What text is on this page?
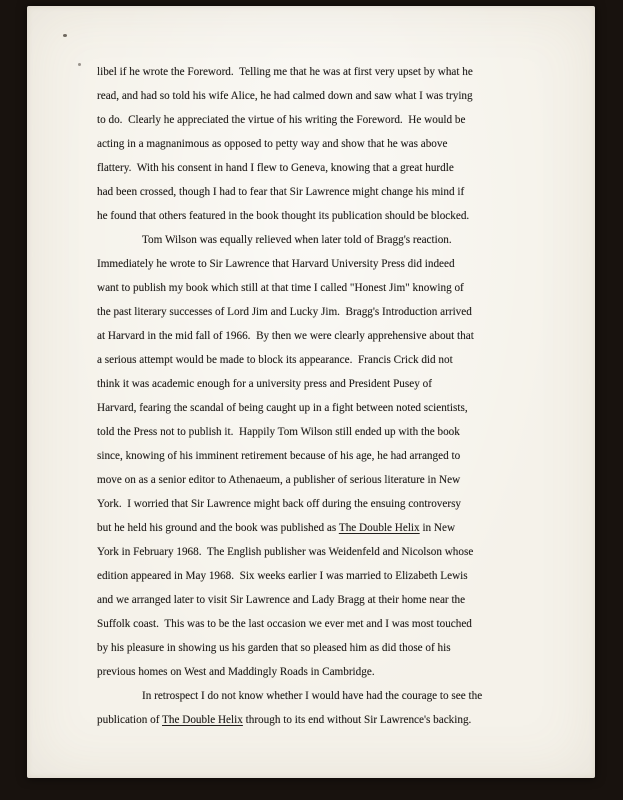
libel if he wrote the Foreword.  Telling me that he was at first very upset by what he
read, and had so told his wife Alice, he had calmed down and saw what I was trying
to do.  Clearly he appreciated the virtue of his writing the Foreword.  He would be
acting in a magnanimous as opposed to petty way and show that he was above
flattery.  With his consent in hand I flew to Geneva, knowing that a great hurdle
had been crossed, though I had to fear that Sir Lawrence might change his mind if
he found that others featured in the book thought its publication should be blocked.
Tom Wilson was equally relieved when later told of Bragg's reaction.
Immediately he wrote to Sir Lawrence that Harvard University Press did indeed
want to publish my book which still at that time I called "Honest Jim" knowing of
the past literary successes of Lord Jim and Lucky Jim.  Bragg's Introduction arrived
at Harvard in the mid fall of 1966.  By then we were clearly apprehensive about that
a serious attempt would be made to block its appearance.  Francis Crick did not
think it was academic enough for a university press and President Pusey of
Harvard, fearing the scandal of being caught up in a fight between noted scientists,
told the Press not to publish it.  Happily Tom Wilson still ended up with the book
since, knowing of his imminent retirement because of his age, he had arranged to
move on as a senior editor to Athenaeum, a publisher of serious literature in New
York.  I worried that Sir Lawrence might back off during the ensuing controversy
but he held his ground and the book was published as The Double Helix in New
York in February 1968.  The English publisher was Weidenfeld and Nicolson whose
edition appeared in May 1968.  Six weeks earlier I was married to Elizabeth Lewis
and we arranged later to visit Sir Lawrence and Lady Bragg at their home near the
Suffolk coast.  This was to be the last occasion we ever met and I was most touched
by his pleasure in showing us his garden that so pleased him as did those of his
previous homes on West and Maddingly Roads in Cambridge.
In retrospect I do not know whether I would have had the courage to see the
publication of The Double Helix through to its end without Sir Lawrence's backing.
